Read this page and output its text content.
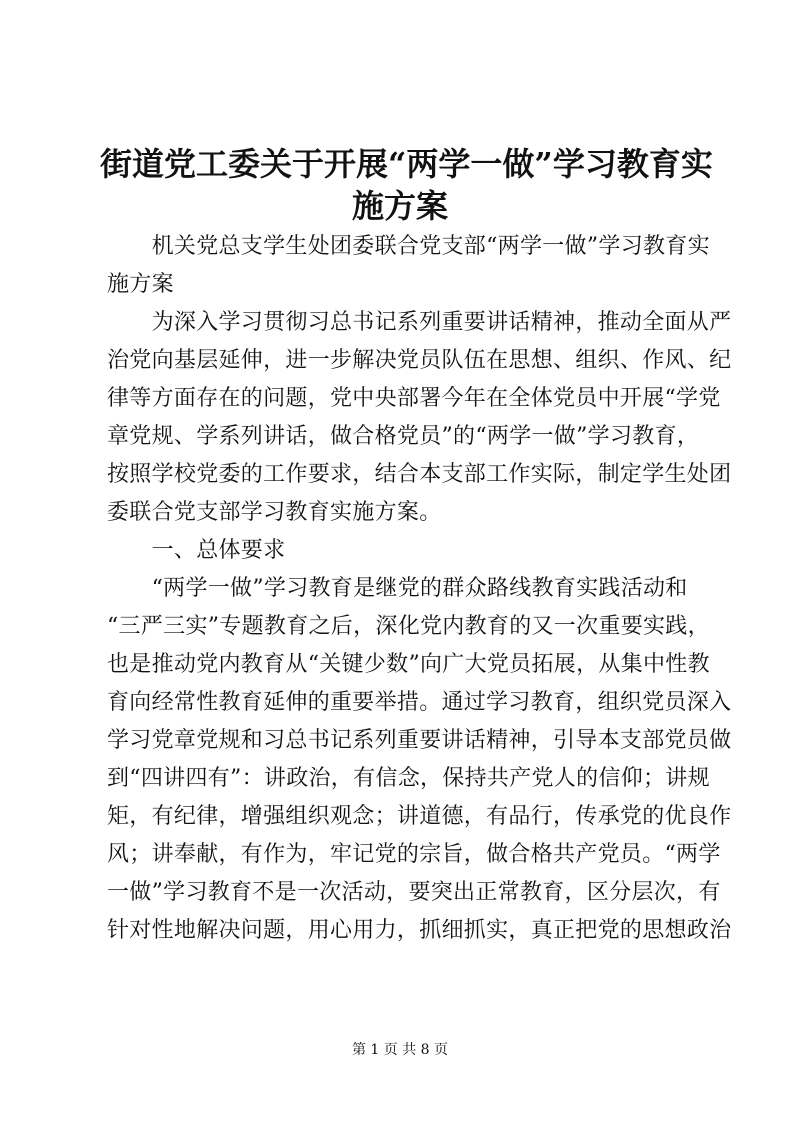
街道党工委关于开展“两学一做”学习教育实
施方案
　　机关党总支学生处团委联合党支部“两学一做”学习教育实
施方案
　　为深入学习贯彻习总书记系列重要讲话精神，推动全面从严
治党向基层延伸，进一步解决党员队伍在思想、组织、作风、纪
律等方面存在的问题，党中央部署今年在全体党员中开展“学党
章党规、学系列讲话，做合格党员”的“两学一做”学习教育，
按照学校党委的工作要求，结合本支部工作实际，制定学生处团
委联合党支部学习教育实施方案。
　　一、总体要求
　　“两学一做”学习教育是继党的群众路线教育实践活动和
“三严三实”专题教育之后，深化党内教育的又一次重要实践，
也是推动党内教育从“关键少数”向广大党员拓展，从集中性教
育向经常性教育延伸的重要举措。通过学习教育，组织党员深入
学习党章党规和习总书记系列重要讲话精神，引导本支部党员做
到“四讲四有”：讲政治，有信念，保持共产党人的信仰；讲规
矩，有纪律，增强组织观念；讲道德，有品行，传承党的优良作
风；讲奉献，有作为，牢记党的宗旨，做合格共产党员。“两学
一做”学习教育不是一次活动，要突出正常教育，区分层次，有
针对性地解决问题，用心用力，抓细抓实，真正把党的思想政治
第 1 页 共 8 页
